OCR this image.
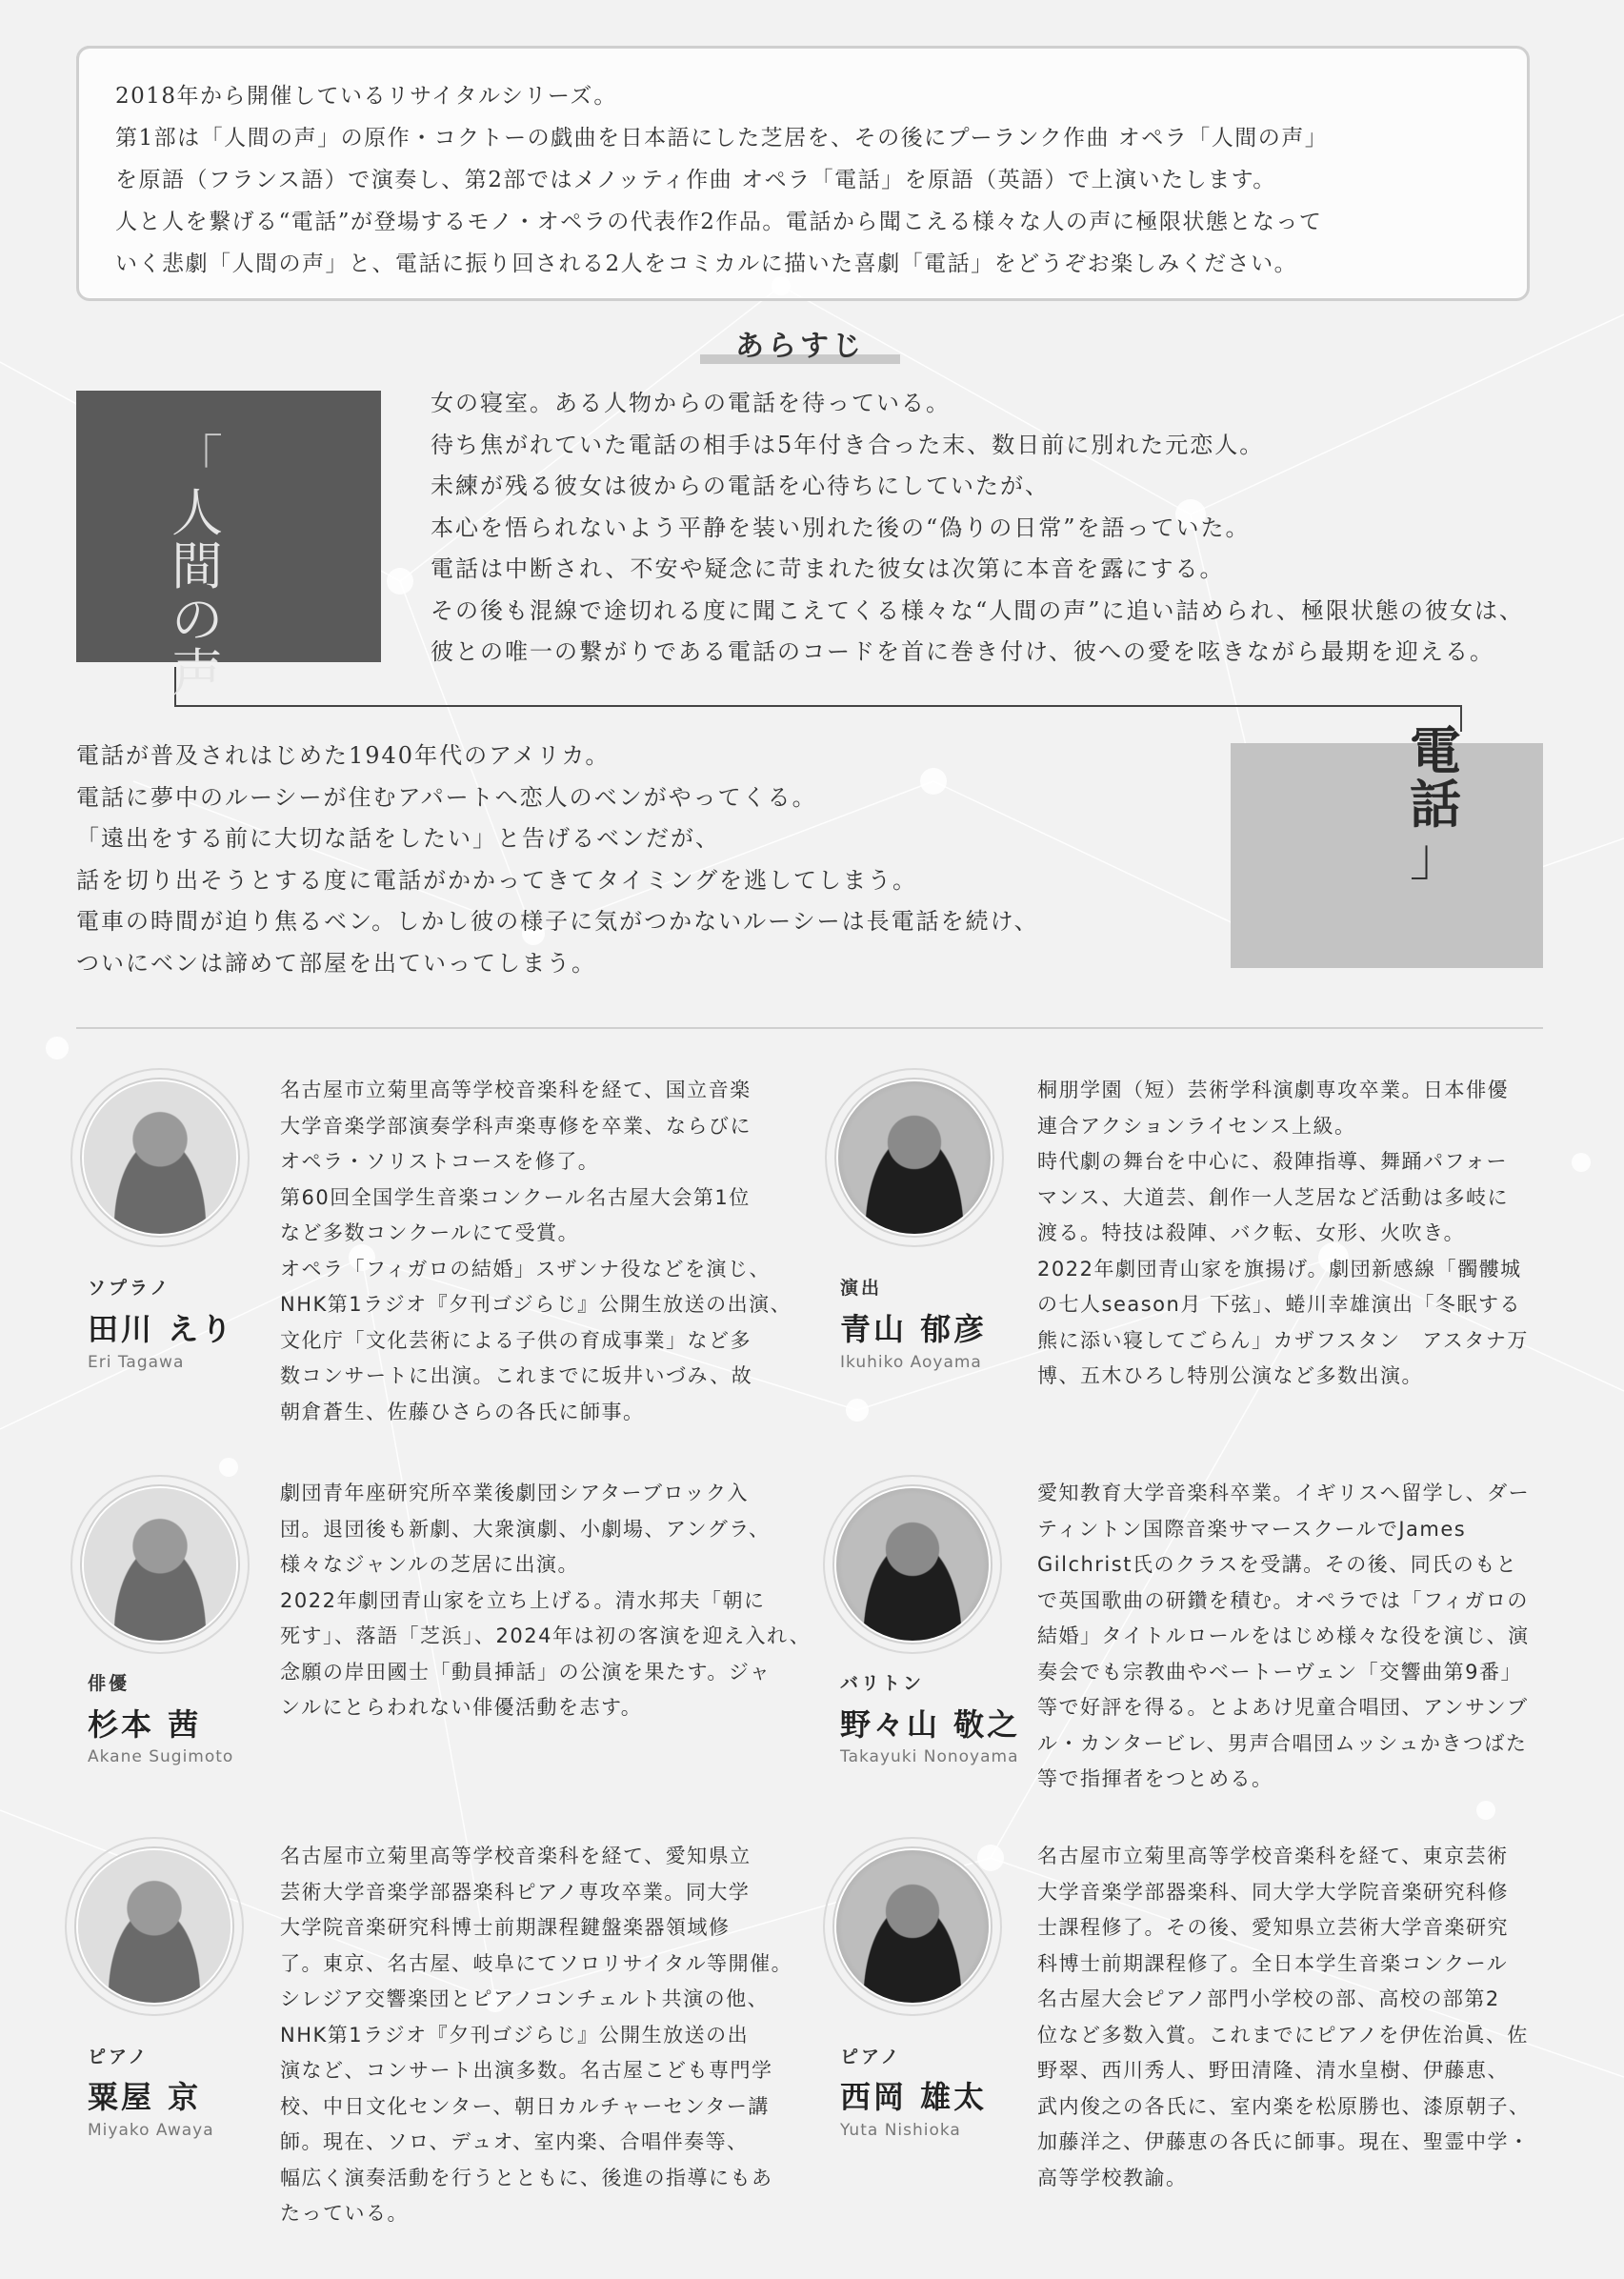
2018年から開催しているリサイタルシリーズ。

第1部は「人間の声」の原作・コクトーの戯曲を日本語にした芝居を、その後にプーランク作曲 オペラ「人間の声」

を原語（フランス語）で演奏し、第2部ではメノッティ作曲 オペラ「電話」を原語（英語）で上演いたします。

人と人を繋げる“電話”が登場するモノ・オペラの代表作2作品。電話から聞こえる様々な人の声に極限状態となって

いく悲劇「人間の声」と、電話に振り回される2人をコミカルに描いた喜劇「電話」をどうぞお楽しみください。

あらすじ
「
人間の声

女の寝室。ある人物からの電話を待っている。

待ち焦がれていた電話の相手は5年付き合った末、数日前に別れた元恋人。

未練が残る彼女は彼からの電話を心待ちにしていたが、

本心を悟られないよう平静を装い別れた後の“偽りの日常”を語っていた。

電話は中断され、不安や疑念に苛まれた彼女は次第に本音を露にする。

その後も混線で途切れる度に聞こえてくる様々な“人間の声”に追い詰められ、極限状態の彼女は、

彼との唯一の繋がりである電話のコードを首に巻き付け、彼への愛を呟きながら最期を迎える。

電話
」

電話が普及されはじめた1940年代のアメリカ。

電話に夢中のルーシーが住むアパートへ恋人のベンがやってくる。

「遠出をする前に大切な話をしたい」と告げるベンだが、

話を切り出そうとする度に電話がかかってきてタイミングを逃してしまう。

電車の時間が迫り焦るベン。しかし彼の様子に気がつかないルーシーは長電話を続け、

ついにベンは諦めて部屋を出ていってしまう。

ソプラノ
田川 えり
Eri Tagawa

名古屋市立菊里高等学校音楽科を経て、国立音楽

大学音楽学部演奏学科声楽専修を卒業、ならびに

オペラ・ソリストコースを修了。

第60回全国学生音楽コンクール名古屋大会第1位

など多数コンクールにて受賞。

オペラ「フィガロの結婚」スザンナ役などを演じ、

NHK第1ラジオ『夕刊ゴジらじ』公開生放送の出演、

文化庁「文化芸術による子供の育成事業」など多

数コンサートに出演。これまでに坂井いづみ、故

朝倉蒼生、佐藤ひさらの各氏に師事。

演出
青山 郁彦
Ikuhiko Aoyama

桐朋学園（短）芸術学科演劇専攻卒業。日本俳優

連合アクションライセンス上級。

時代劇の舞台を中心に、殺陣指導、舞踊パフォー

マンス、大道芸、創作一人芝居など活動は多岐に

渡る。特技は殺陣、バク転、女形、火吹き。

2022年劇団青山家を旗揚げ。劇団新感線「髑髏城

の七人season月 下弦」、蜷川幸雄演出「冬眠する

熊に添い寝してごらん」カザフスタン　アスタナ万

博、五木ひろし特別公演など多数出演。

俳優
杉本 茜
Akane Sugimoto

劇団青年座研究所卒業後劇団シアターブロック入

団。退団後も新劇、大衆演劇、小劇場、アングラ、

様々なジャンルの芝居に出演。

2022年劇団青山家を立ち上げる。清水邦夫「朝に

死す」、落語「芝浜」、2024年は初の客演を迎え入れ、

念願の岸田國士「動員挿話」の公演を果たす。ジャ

ンルにとらわれない俳優活動を志す。

バリトン
野々山 敬之
Takayuki Nonoyama

愛知教育大学音楽科卒業。イギリスへ留学し、ダー

ティントン国際音楽サマースクールでJames

Gilchrist氏のクラスを受講。その後、同氏のもと

で英国歌曲の研鑽を積む。オペラでは「フィガロの

結婚」タイトルロールをはじめ様々な役を演じ、演

奏会でも宗教曲やベートーヴェン「交響曲第9番」

等で好評を得る。とよあけ児童合唱団、アンサンブ

ル・カンタービレ、男声合唱団ムッシュかきつばた

等で指揮者をつとめる。

ピアノ
粟屋 京
Miyako Awaya

名古屋市立菊里高等学校音楽科を経て、愛知県立

芸術大学音楽学部器楽科ピアノ専攻卒業。同大学

大学院音楽研究科博士前期課程鍵盤楽器領域修

了。東京、名古屋、岐阜にてソロリサイタル等開催。

シレジア交響楽団とピアノコンチェルト共演の他、

NHK第1ラジオ『夕刊ゴジらじ』公開生放送の出

演など、コンサート出演多数。名古屋こども専門学

校、中日文化センター、朝日カルチャーセンター講

師。現在、ソロ、デュオ、室内楽、合唱伴奏等、

幅広く演奏活動を行うとともに、後進の指導にもあ

たっている。

ピアノ
西岡 雄太
Yuta Nishioka

名古屋市立菊里高等学校音楽科を経て、東京芸術

大学音楽学部器楽科、同大学大学院音楽研究科修

士課程修了。その後、愛知県立芸術大学音楽研究

科博士前期課程修了。全日本学生音楽コンクール

名古屋大会ピアノ部門小学校の部、高校の部第2

位など多数入賞。これまでにピアノを伊佐治眞、佐

野翠、西川秀人、野田清隆、清水皇樹、伊藤恵、

武内俊之の各氏に、室内楽を松原勝也、漆原朝子、

加藤洋之、伊藤恵の各氏に師事。現在、聖霊中学・

高等学校教諭。
